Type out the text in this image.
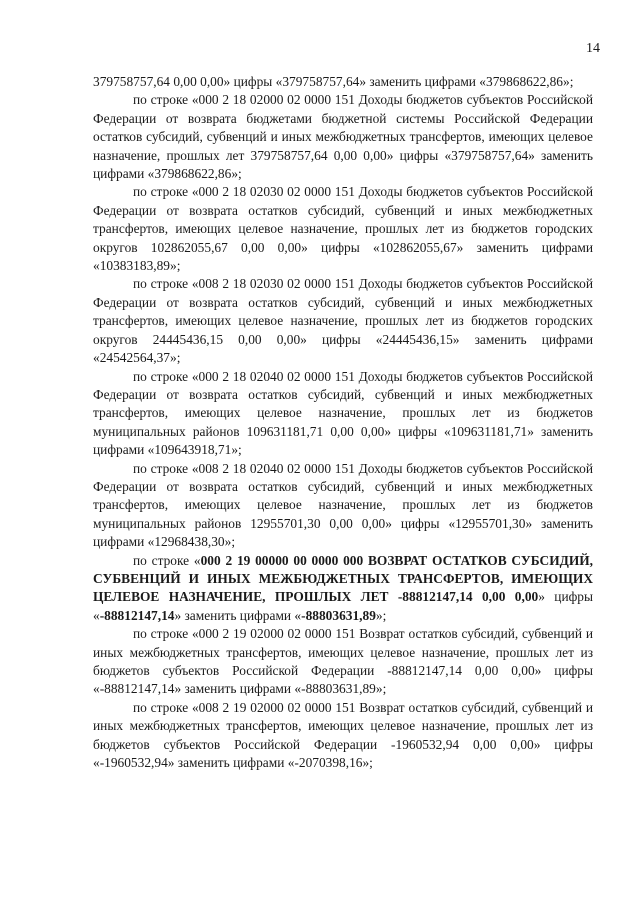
14

379758757,64 0,00 0,00» цифры «379758757,64» заменить цифрами «379868622,86»;

по строке «000 2 18 02000 02 0000 151 Доходы бюджетов субъектов Российской Федерации от возврата бюджетами бюджетной системы Российской Федерации остатков субсидий, субвенций и иных межбюджетных трансфертов, имеющих целевое назначение, прошлых лет 379758757,64 0,00 0,00» цифры «379758757,64» заменить цифрами «379868622,86»;

по строке «000 2 18 02030 02 0000 151 Доходы бюджетов субъектов Российской Федерации от возврата остатков субсидий, субвенций и иных межбюджетных трансфертов, имеющих целевое назначение, прошлых лет из бюджетов городских округов 102862055,67 0,00 0,00» цифры «102862055,67» заменить цифрами «10383183,89»;

по строке «008 2 18 02030 02 0000 151 Доходы бюджетов субъектов Российской Федерации от возврата остатков субсидий, субвенций и иных межбюджетных трансфертов, имеющих целевое назначение, прошлых лет из бюджетов городских округов 24445436,15 0,00 0,00» цифры «24445436,15» заменить цифрами «24542564,37»;

по строке «000 2 18 02040 02 0000 151 Доходы бюджетов субъектов Российской Федерации от возврата остатков субсидий, субвенций и иных межбюджетных трансфертов, имеющих целевое назначение, прошлых лет из бюджетов муниципальных районов 109631181,71 0,00 0,00» цифры «109631181,71» заменить цифрами «109643918,71»;

по строке «008 2 18 02040 02 0000 151 Доходы бюджетов субъектов Российской Федерации от возврата остатков субсидий, субвенций и иных межбюджетных трансфертов, имеющих целевое назначение, прошлых лет из бюджетов муниципальных районов 12955701,30 0,00 0,00» цифры «12955701,30» заменить цифрами «12968438,30»;

по строке «000 2 19 00000 00 0000 000 ВОЗВРАТ ОСТАТКОВ СУБСИДИЙ, СУБВЕНЦИЙ И ИНЫХ МЕЖБЮДЖЕТНЫХ ТРАНСФЕРТОВ, ИМЕЮЩИХ ЦЕЛЕВОЕ НАЗНАЧЕНИЕ, ПРОШЛЫХ ЛЕТ -88812147,14 0,00 0,00» цифры «-88812147,14» заменить цифрами «-88803631,89»;

по строке «000 2 19 02000 02 0000 151 Возврат остатков субсидий, субвенций и иных межбюджетных трансфертов, имеющих целевое назначение, прошлых лет из бюджетов субъектов Российской Федерации -88812147,14 0,00 0,00» цифры «-88812147,14» заменить цифрами «-88803631,89»;

по строке «008 2 19 02000 02 0000 151 Возврат остатков субсидий, субвенций и иных межбюджетных трансфертов, имеющих целевое назначение, прошлых лет из бюджетов субъектов Российской Федерации -1960532,94 0,00 0,00» цифры «-1960532,94» заменить цифрами «-2070398,16»;
